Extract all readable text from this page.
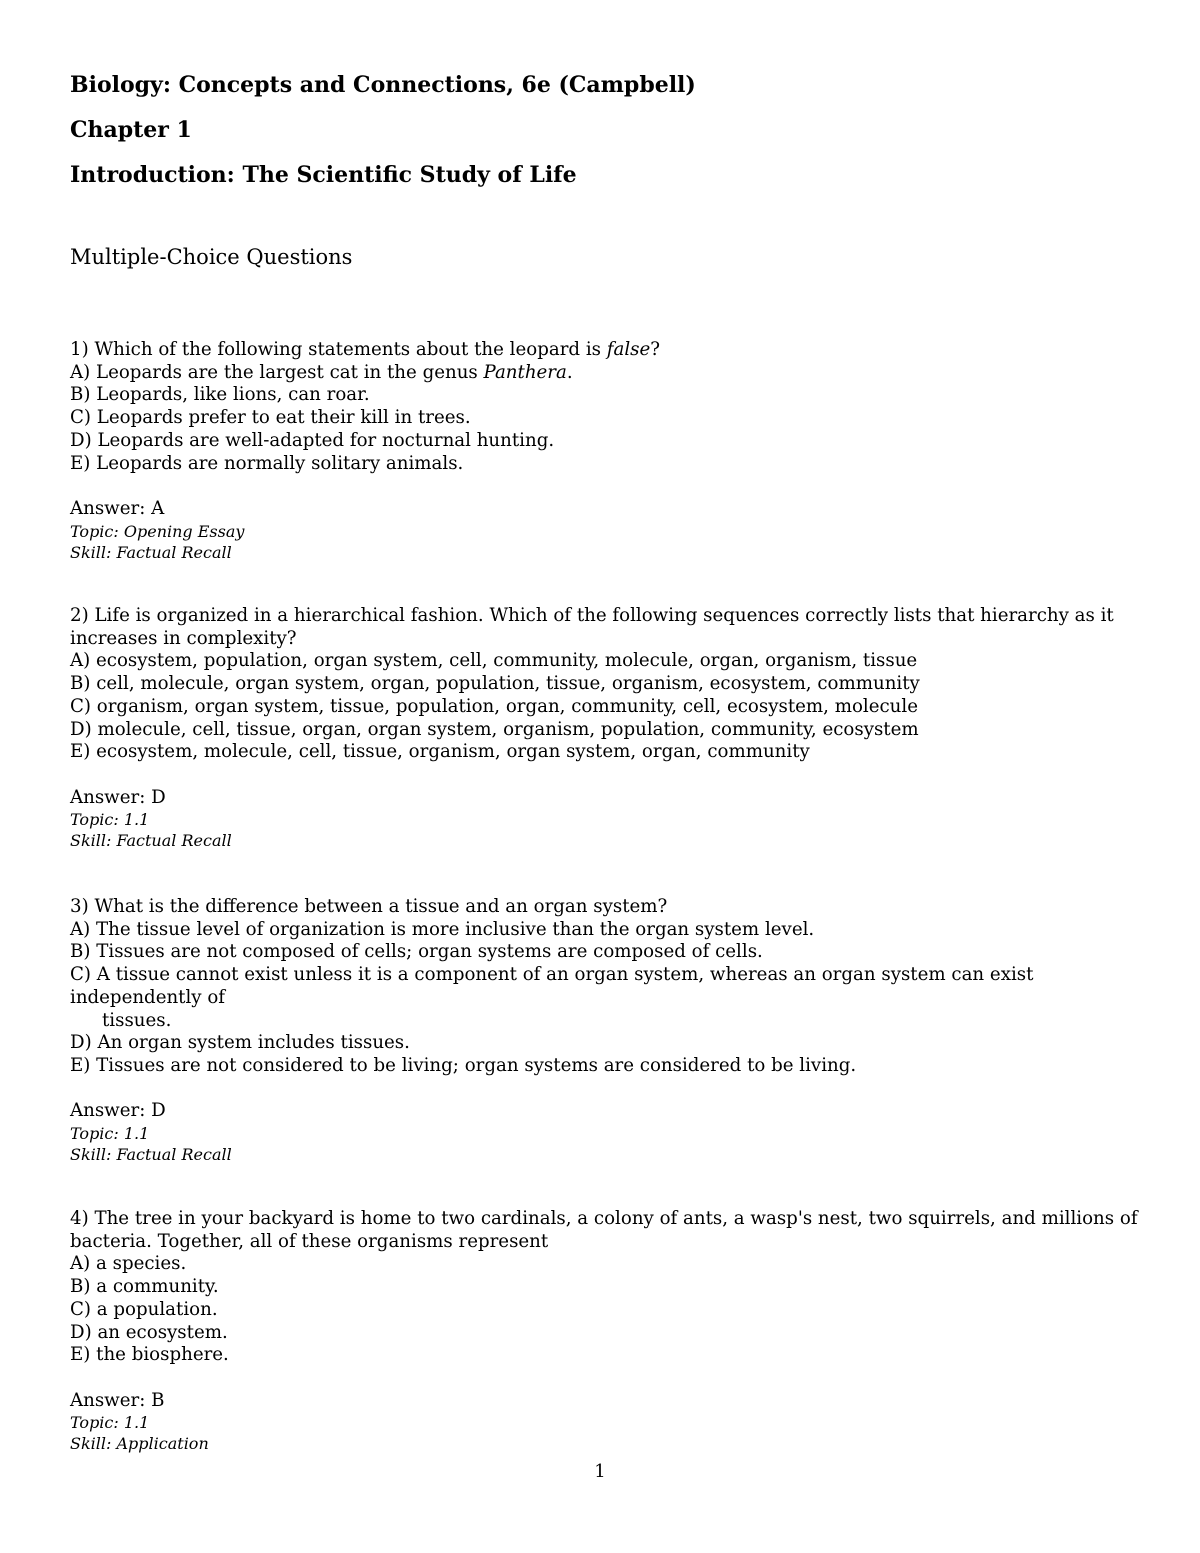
Biology: Concepts and Connections, 6e (Campbell)
Chapter 1
Introduction: The Scientific Study of Life
Multiple-Choice Questions
1) Which of the following statements about the leopard is false?
A) Leopards are the largest cat in the genus Panthera.
B) Leopards, like lions, can roar.
C) Leopards prefer to eat their kill in trees.
D) Leopards are well-adapted for nocturnal hunting.
E) Leopards are normally solitary animals.
Answer: A
Topic: Opening Essay
Skill: Factual Recall
2) Life is organized in a hierarchical fashion. Which of the following sequences correctly lists that hierarchy as it increases in complexity?
A) ecosystem, population, organ system, cell, community, molecule, organ, organism, tissue
B) cell, molecule, organ system, organ, population, tissue, organism, ecosystem, community
C) organism, organ system, tissue, population, organ, community, cell, ecosystem, molecule
D) molecule, cell, tissue, organ, organ system, organism, population, community, ecosystem
E) ecosystem, molecule, cell, tissue, organism, organ system, organ, community
Answer: D
Topic: 1.1
Skill: Factual Recall
3) What is the difference between a tissue and an organ system?
A) The tissue level of organization is more inclusive than the organ system level.
B) Tissues are not composed of cells; organ systems are composed of cells.
C) A tissue cannot exist unless it is a component of an organ system, whereas an organ system can exist independently of
tissues.
D) An organ system includes tissues.
E) Tissues are not considered to be living; organ systems are considered to be living.
Answer: D
Topic: 1.1
Skill: Factual Recall
4) The tree in your backyard is home to two cardinals, a colony of ants, a wasp's nest, two squirrels, and millions of bacteria. Together, all of these organisms represent
A) a species.
B) a community.
C) a population.
D) an ecosystem.
E) the biosphere.
Answer: B
Topic: 1.1
Skill: Application
1
